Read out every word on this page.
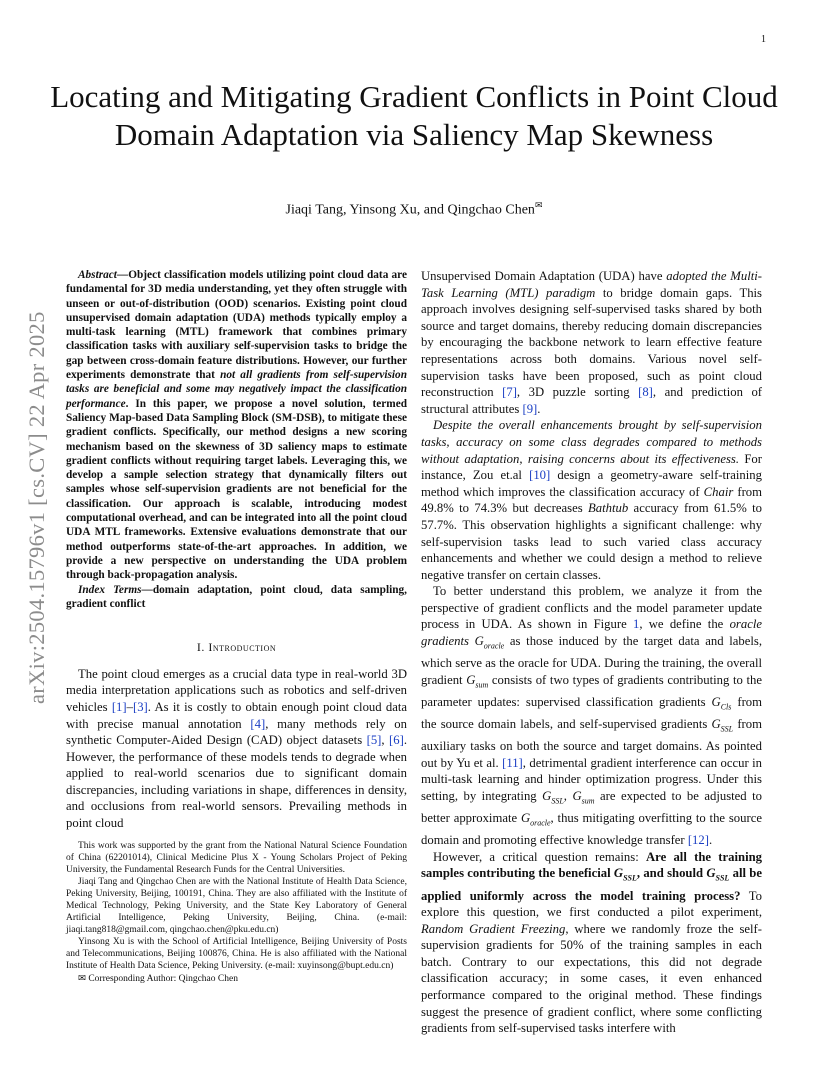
1
Locating and Mitigating Gradient Conflicts in Point Cloud Domain Adaptation via Saliency Map Skewness
Jiaqi Tang, Yinsong Xu, and Qingchao Chen✉
arXiv:2504.15796v1 [cs.CV] 22 Apr 2025

Abstract—Object classification models utilizing point cloud data are fundamental for 3D media understanding, yet they often struggle with unseen or out-of-distribution (OOD) scenarios. Existing point cloud unsupervised domain adaptation (UDA) methods typically employ a multi-task learning (MTL) framework that combines primary classification tasks with auxiliary self-supervision tasks to bridge the gap between cross-domain feature distributions. However, our further experiments demonstrate that not all gradients from self-supervision tasks are beneficial and some may negatively impact the classification performance. In this paper, we propose a novel solution, termed Saliency Map-based Data Sampling Block (SM-DSB), to mitigate these gradient conflicts. Specifically, our method designs a new scoring mechanism based on the skewness of 3D saliency maps to estimate gradient conflicts without requiring target labels. Leveraging this, we develop a sample selection strategy that dynamically filters out samples whose self-supervision gradients are not beneficial for the classification. Our approach is scalable, introducing modest computational overhead, and can be integrated into all the point cloud UDA MTL frameworks. Extensive evaluations demonstrate that our method outperforms state-of-the-art approaches. In addition, we provide a new perspective on understanding the UDA problem through back-propagation analysis.

Index Terms—domain adaptation, point cloud, data sampling, gradient conflict

I. Introduction

The point cloud emerges as a crucial data type in real-world 3D media interpretation applications such as robotics and self-driven vehicles [1]–[3]. As it is costly to obtain enough point cloud data with precise manual annotation [4], many methods rely on synthetic Computer-Aided Design (CAD) object datasets [5], [6]. However, the performance of these models tends to degrade when applied to real-world scenarios due to significant domain discrepancies, including variations in shape, differences in density, and occlusions from real-world sensors. Prevailing methods in point cloud

This work was supported by the grant from the National Natural Science Foundation of China (62201014), Clinical Medicine Plus X - Young Scholars Project of Peking University, the Fundamental Research Funds for the Central Universities.

Jiaqi Tang and Qingchao Chen are with the National Institute of Health Data Science, Peking University, Beijing, 100191, China. They are also affiliated with the Institute of Medical Technology, Peking University, and the State Key Laboratory of General Artificial Intelligence, Peking University, Beijing, China. (e-mail: jiaqi.tang818@gmail.com, qingchao.chen@pku.edu.cn)

Yinsong Xu is with the School of Artificial Intelligence, Beijing University of Posts and Telecommunications, Beijing 100876, China. He is also affiliated with the National Institute of Health Data Science, Peking University. (e-mail: xuyinsong@bupt.edu.cn)

✉ Corresponding Author: Qingchao Chen

Unsupervised Domain Adaptation (UDA) have adopted the Multi-Task Learning (MTL) paradigm to bridge domain gaps. This approach involves designing self-supervised tasks shared by both source and target domains, thereby reducing domain discrepancies by encouraging the backbone network to learn effective feature representations across both domains. Various novel self-supervision tasks have been proposed, such as point cloud reconstruction [7], 3D puzzle sorting [8], and prediction of structural attributes [9].

Despite the overall enhancements brought by self-supervision tasks, accuracy on some class degrades compared to methods without adaptation, raising concerns about its effectiveness. For instance, Zou et.al [10] design a geometry-aware self-training method which improves the classification accuracy of Chair from 49.8% to 74.3% but decreases Bathtub accuracy from 61.5% to 57.7%. This observation highlights a significant challenge: why self-supervision tasks lead to such varied class accuracy enhancements and whether we could design a method to relieve negative transfer on certain classes.

To better understand this problem, we analyze it from the perspective of gradient conflicts and the model parameter update process in UDA. As shown in Figure 1, we define the oracle gradients $G_{oracle}$ as those induced by the target data and labels, which serve as the oracle for UDA. During the training, the overall gradient $G_{sum}$ consists of two types of gradients contributing to the parameter updates: supervised classification gradients $G_{Cls}$ from the source domain labels, and self-supervised gradients $G_{SSL}$ from auxiliary tasks on both the source and target domains. As pointed out by Yu et al. [11], detrimental gradient interference can occur in multi-task learning and hinder optimization progress. Under this setting, by integrating $G_{SSL}$, $G_{sum}$ are expected to be adjusted to better approximate $G_{oracle}$, thus mitigating overfitting to the source domain and promoting effective knowledge transfer [12].

However, a critical question remains: Are all the training samples contributing the beneficial $G_{SSL}$, and should $G_{SSL}$ all be applied uniformly across the model training process? To explore this question, we first conducted a pilot experiment, Random Gradient Freezing, where we randomly froze the self-supervision gradients for 50% of the training samples in each batch. Contrary to our expectations, this did not degrade classification accuracy; in some cases, it even enhanced performance compared to the original method. These findings suggest the presence of gradient conflict, where some conflicting gradients from self-supervised tasks interfere with
